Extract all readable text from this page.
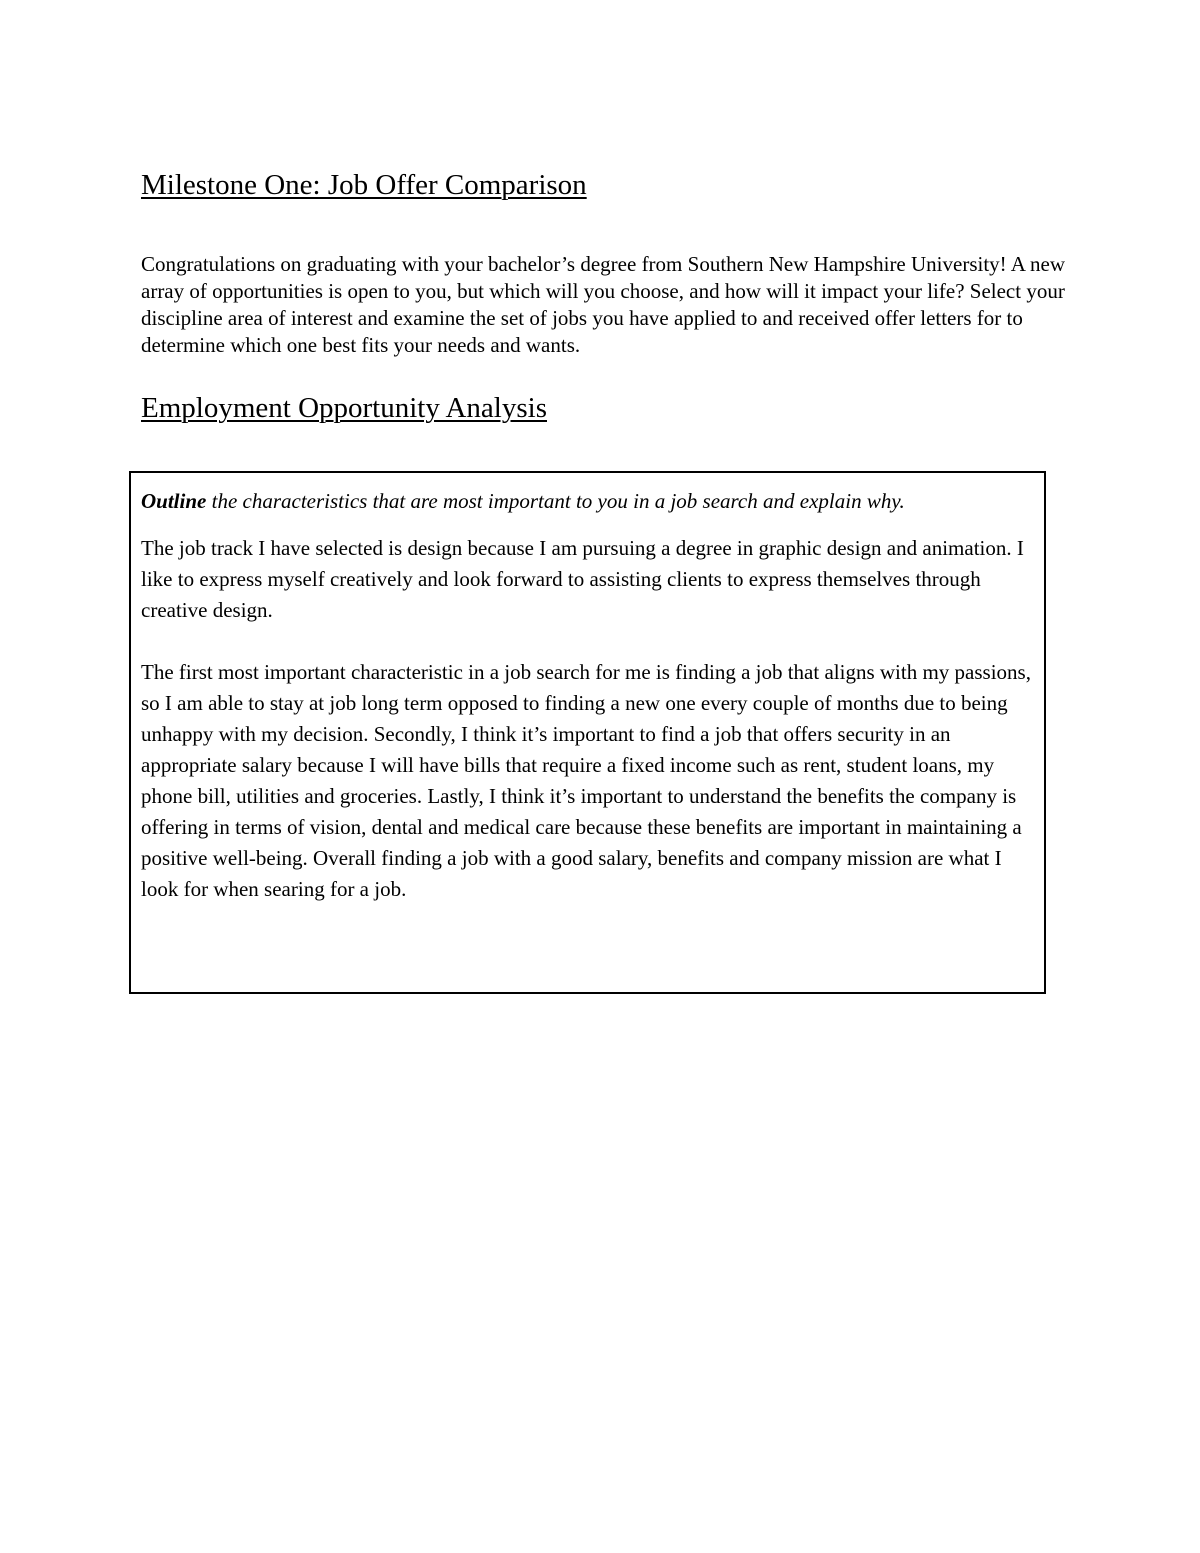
Milestone One: Job Offer Comparison

Congratulations on graduating with your bachelor’s degree from Southern New Hampshire University! A new array of opportunities is open to you, but which will you choose, and how will it impact your life? Select your discipline area of interest and examine the set of jobs you have applied to and received offer letters for to determine which one best fits your needs and wants.

Employment Opportunity Analysis

Outline the characteristics that are most important to you in a job search and explain why.

The job track I have selected is design because I am pursuing a degree in graphic design and animation. I like to express myself creatively and look forward to assisting clients to express themselves through creative design.

The first most important characteristic in a job search for me is finding a job that aligns with my passions, so I am able to stay at job long term opposed to finding a new one every couple of months due to being unhappy with my decision. Secondly, I think it’s important to find a job that offers security in an appropriate salary because I will have bills that require a fixed income such as rent, student loans, my phone bill, utilities and groceries. Lastly, I think it’s important to understand the benefits the company is offering in terms of vision, dental and medical care because these benefits are important in maintaining a positive well-being. Overall finding a job with a good salary, benefits and company mission are what I look for when searing for a job.
